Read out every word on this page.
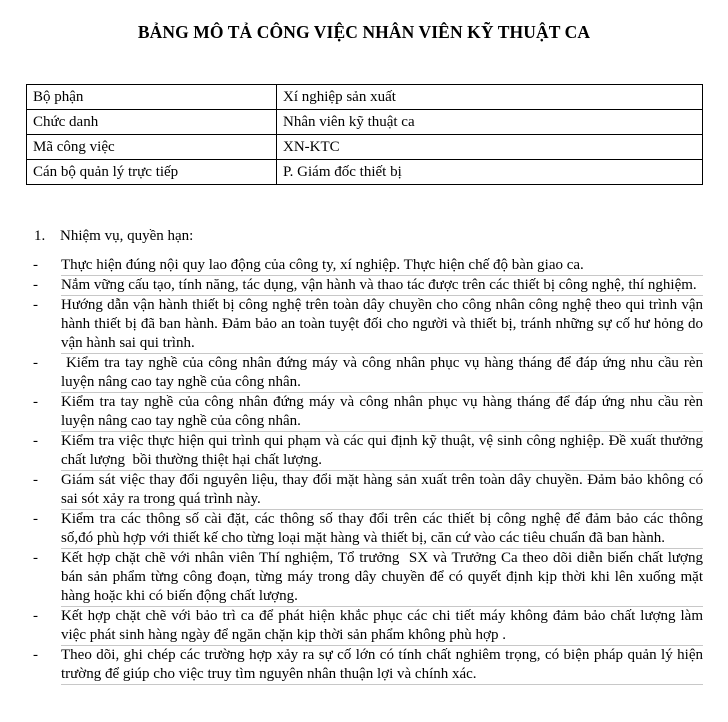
BẢNG MÔ TẢ CÔNG VIỆC NHÂN VIÊN KỸ THUẬT CA
Bộ phận	Xí nghiệp sản xuất
Chức danh	Nhân viên kỹ thuật ca
Mã công việc	XN-KTC
Cán bộ quản lý trực tiếp	P. Giám đốc thiết bị
1. Nhiệm vụ, quyền hạn:

- Thực hiện đúng nội quy lao động của công ty, xí nghiệp. Thực hiện chế độ bàn giao ca.

- Nắm vững cấu tạo, tính năng, tác dụng, vận hành và thao tác được trên các thiết bị công nghệ, thí nghiệm.

- Hướng dẫn vận hành thiết bị công nghệ trên toàn dây chuyền cho công nhân công nghệ theo qui trình vận hành thiết bị đã ban hành. Đảm bảo an toàn tuyệt đối cho người và thiết bị, tránh những sự cố hư hỏng do vận hành sai qui trình.

- Kiểm tra tay nghề của công nhân đứng máy và công nhân phục vụ hàng tháng để đáp ứng nhu cầu rèn luyện nâng cao tay nghề của công nhân.

- Kiểm tra tay nghề của công nhân đứng máy và công nhân phục vụ hàng tháng để đáp ứng nhu cầu rèn luyện nâng cao tay nghề của công nhân.

- Kiểm tra việc thực hiện qui trình qui phạm và các qui định kỹ thuật, vệ sinh công nghiệp. Đề xuất thưởng chất lượng  bồi thường thiệt hại chất lượng.

- Giám sát việc thay đổi nguyên liệu, thay đổi mặt hàng sản xuất trên toàn dây chuyền. Đảm bảo không có sai sót xảy ra trong quá trình này.

- Kiểm tra các thông số cài đặt, các thông số thay đổi trên các thiết bị công nghệ để đảm bảo các thông số,đó phù hợp với thiết kế cho từng loại mặt hàng và thiết bị, căn cứ vào các tiêu chuẩn đã ban hành.

- Kết hợp chặt chẽ với nhân viên Thí nghiệm, Tổ trưởng  SX và Trưởng Ca theo dõi diễn biến chất lượng bán sản phẩm từng công đoạn, từng máy trong dây chuyền để có quyết định kịp thời khi lên xuống mặt hàng hoặc khi có biến động chất lượng.

- Kết hợp chặt chẽ với bảo trì ca để phát hiện khắc phục các chi tiết máy không đảm bảo chất lượng làm việc phát sinh hàng ngày để ngăn chặn kịp thời sản phẩm không phù hợp .

- Theo dõi, ghi chép các trường hợp xảy ra sự cố lớn có tính chất nghiêm trọng, có biện pháp quản lý hiện trường để giúp cho việc truy tìm nguyên nhân thuận lợi và chính xác.
